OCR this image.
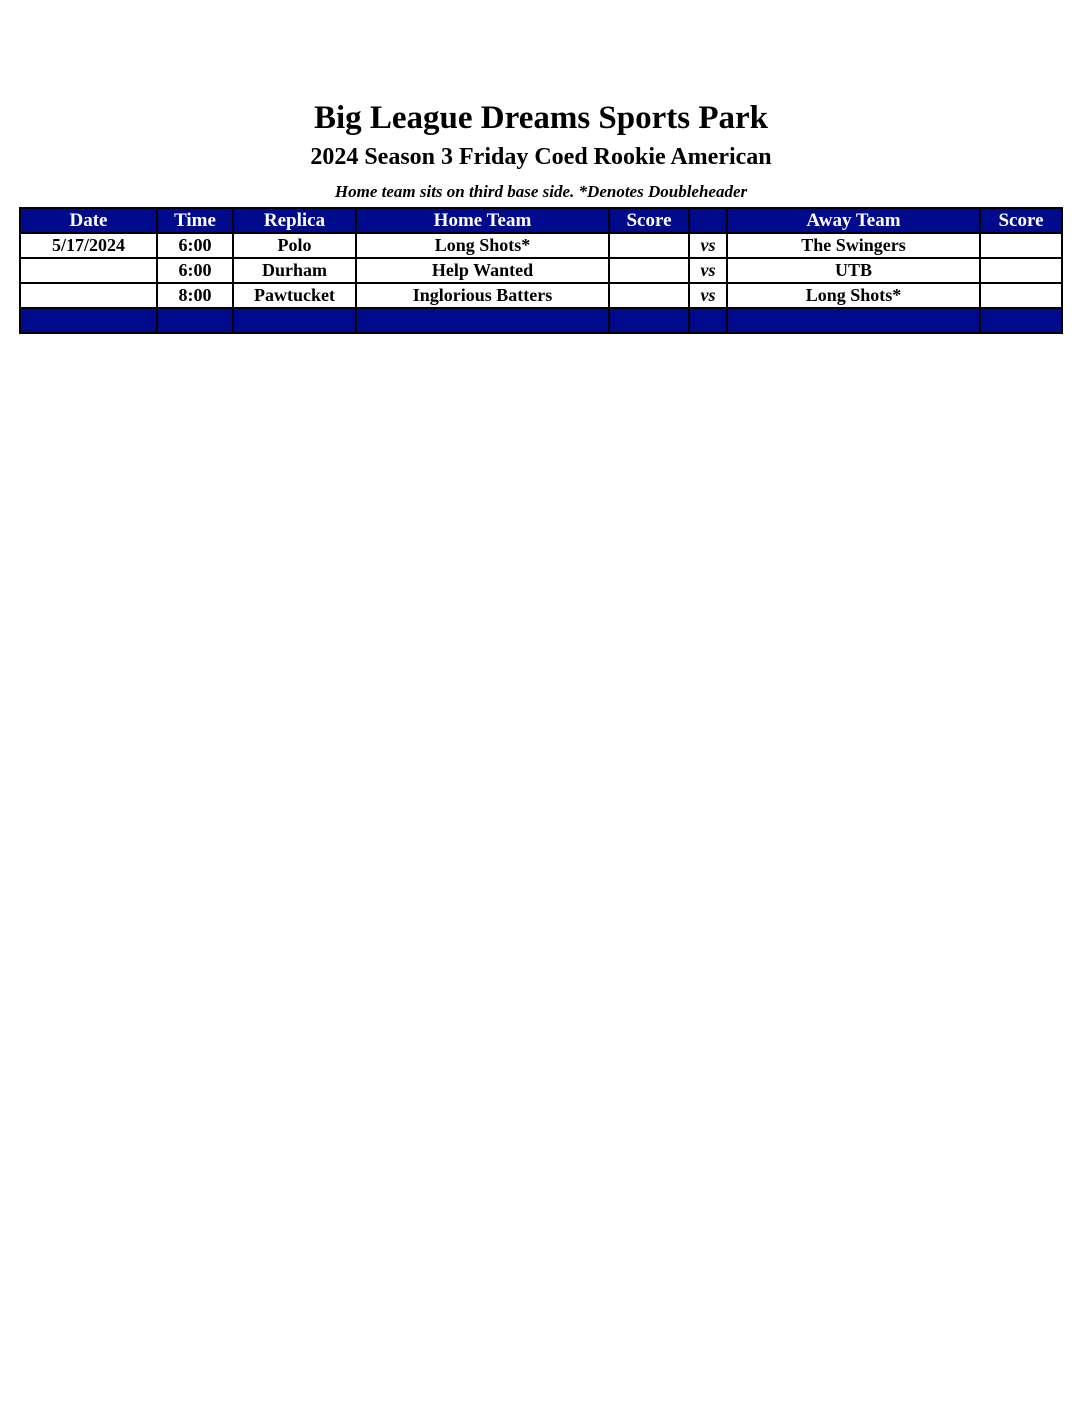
Big League Dreams Sports Park
2024 Season 3 Friday Coed Rookie American
Home team sits on third base side. *Denotes Doubleheader
Date	Time	Replica	Home Team	Score		Away Team	Score
5/17/2024	6:00	Polo	Long Shots*		vs	The Swingers	
	6:00	Durham	Help Wanted		vs	UTB	
	8:00	Pawtucket	Inglorious Batters		vs	Long Shots*	
